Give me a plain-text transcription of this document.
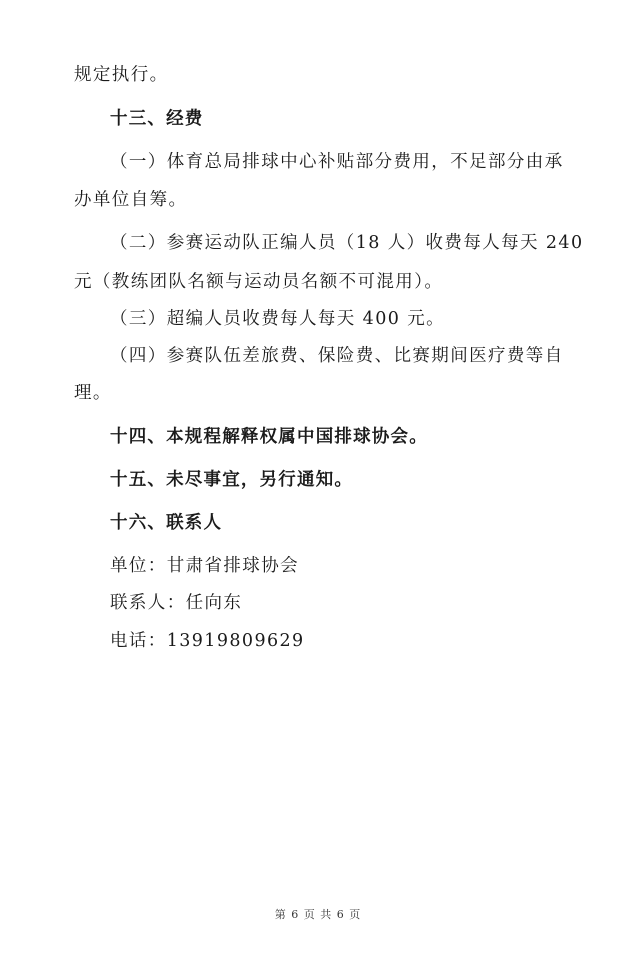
规定执行。
十三、经费
（一）体育总局排球中心补贴部分费用，不足部分由承
办单位自筹。
（二）参赛运动队正编人员（18 人）收费每人每天 240
元（教练团队名额与运动员名额不可混用）。
（三）超编人员收费每人每天 400 元。
（四）参赛队伍差旅费、保险费、比赛期间医疗费等自
理。
十四、本规程解释权属中国排球协会。
十五、未尽事宜，另行通知。
十六、联系人
单位：甘肃省排球协会
联系人：任向东
电话：13919809629
第 6 页 共 6 页
